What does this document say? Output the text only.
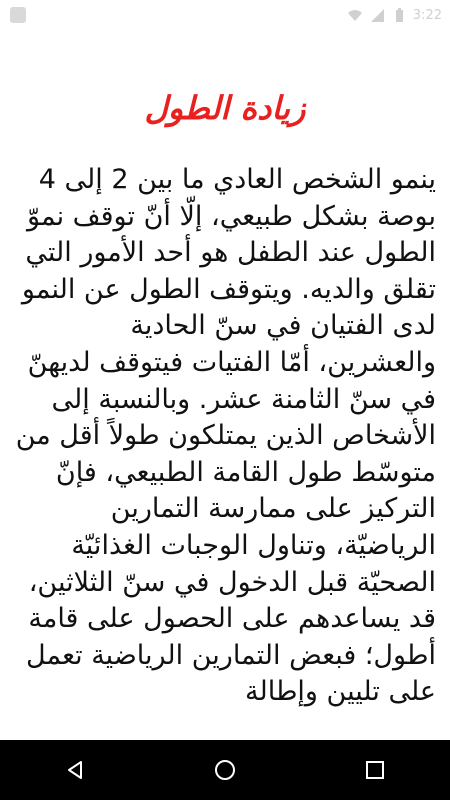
3:22
زيادة الطول

ينمو الشخص العادي ما بين 2 إلى 4 بوصة بشكل طبيعي، إلّا أنّ توقف نموّ الطول عند الطفل هو أحد الأمور التي تقلق والديه. ويتوقف الطول عن النمو لدى الفتيان في سنّ الحادية والعشرين، أمّا الفتيات فيتوقف لديهنّ في سنّ الثامنة عشر. وبالنسبة إلى الأشخاص الذين يمتلكون طولاً أقل من متوسّط طول القامة الطبيعي، فإنّ التركيز على ممارسة التمارين الرياضيّة، وتناول الوجبات الغذائيّة الصحيّة قبل الدخول في سنّ الثلاثين، قد يساعدهم على الحصول على قامة أطول؛ فبعض التمارين الرياضية تعمل على تليين وإطالة
